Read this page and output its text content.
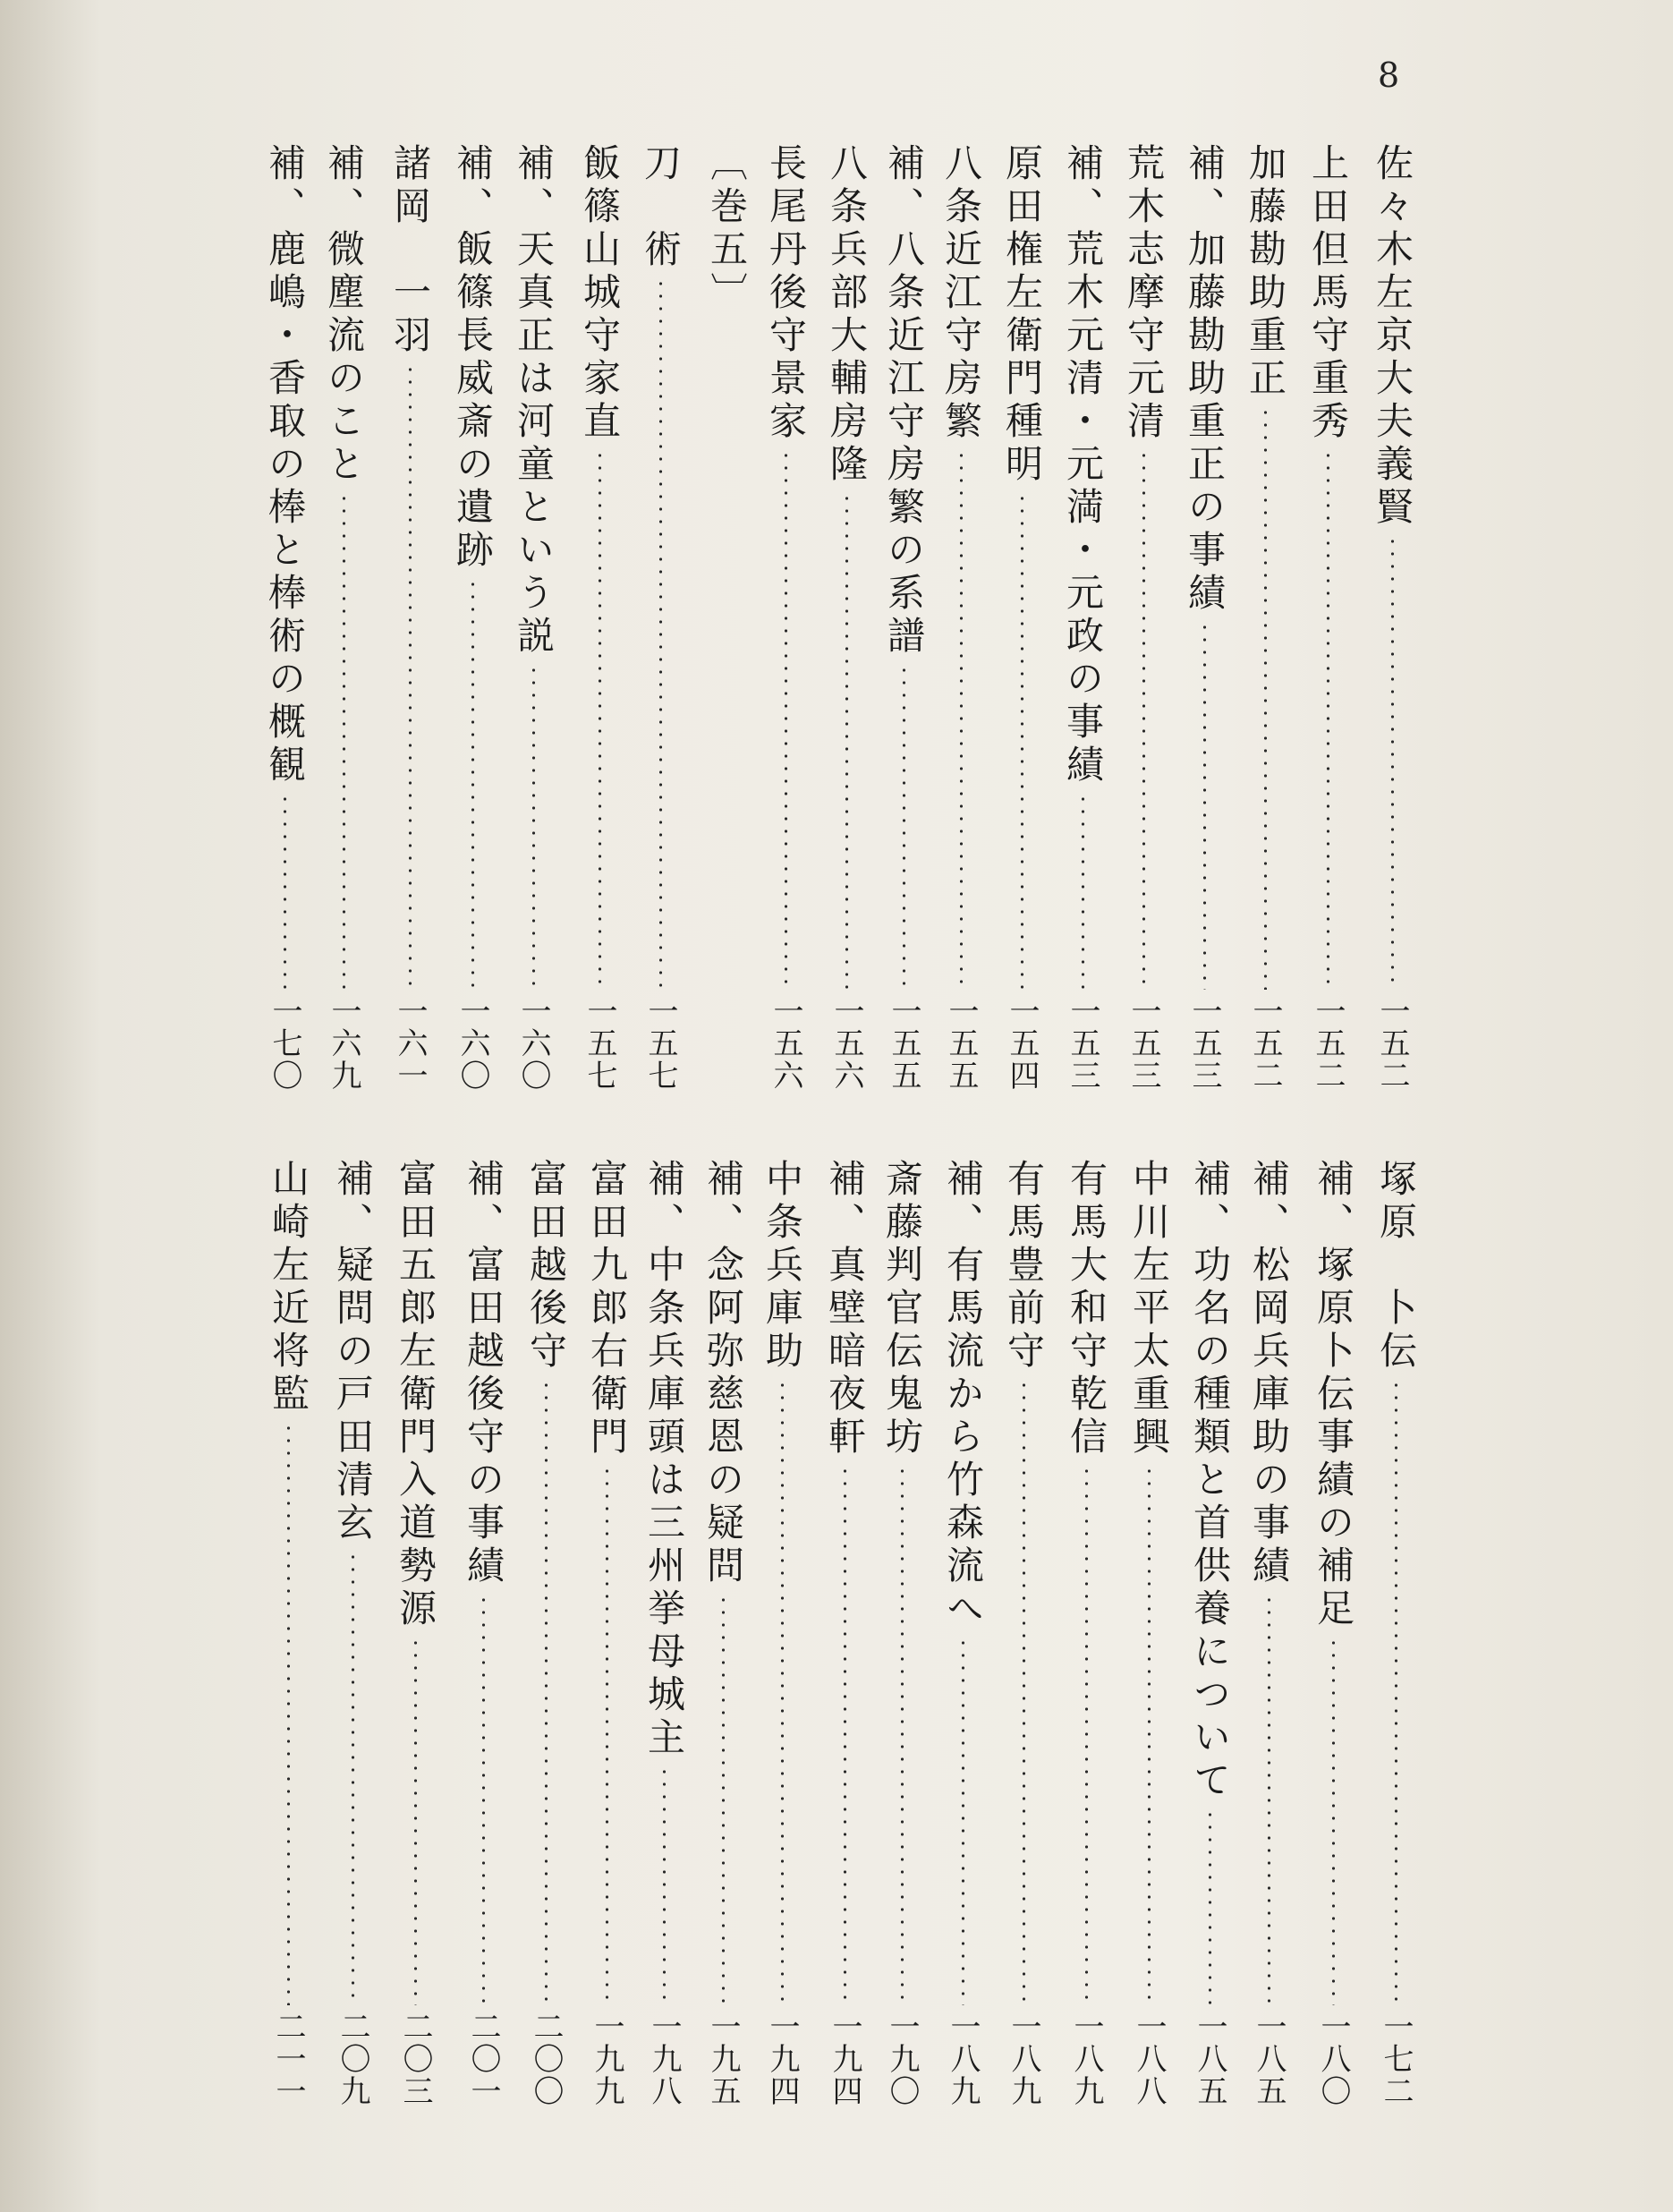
8
佐々木左京大夫義賢
一五二
上田但馬守重秀
一五二
加藤勘助重正
一五二
補、加藤勘助重正の事績
一五三
荒木志摩守元清
一五三
補、荒木元清・元満・元政の事績
一五三
原田権左衛門種明
一五四
八条近江守房繁
一五五
補、八条近江守房繁の系譜
一五五
八条兵部大輔房隆
一五六
長尾丹後守景家
一五六
〔巻五〕
刀　術
一五七
飯篠山城守家直
一五七
補、天真正は河童という説
一六〇
補、飯篠長威斎の遺跡
一六〇
諸岡　一羽
一六一
補、微塵流のこと
一六九
補、鹿嶋・香取の棒と棒術の概観
一七〇
塚原　卜伝
一七二
補、塚原卜伝事績の補足
一八〇
補、松岡兵庫助の事績
一八五
補、功名の種類と首供養について
一八五
中川左平太重興
一八八
有馬大和守乾信
一八九
有馬豊前守
一八九
補、有馬流から竹森流へ
一八九
斎藤判官伝鬼坊
一九〇
補、真壁暗夜軒
一九四
中条兵庫助
一九四
補、念阿弥慈恩の疑問
一九五
補、中条兵庫頭は三州挙母城主
一九八
富田九郎右衛門
一九九
富田越後守
二〇〇
補、富田越後守の事績
二〇一
富田五郎左衛門入道勢源
二〇三
補、疑問の戸田清玄
二〇九
山崎左近将監
二一一
